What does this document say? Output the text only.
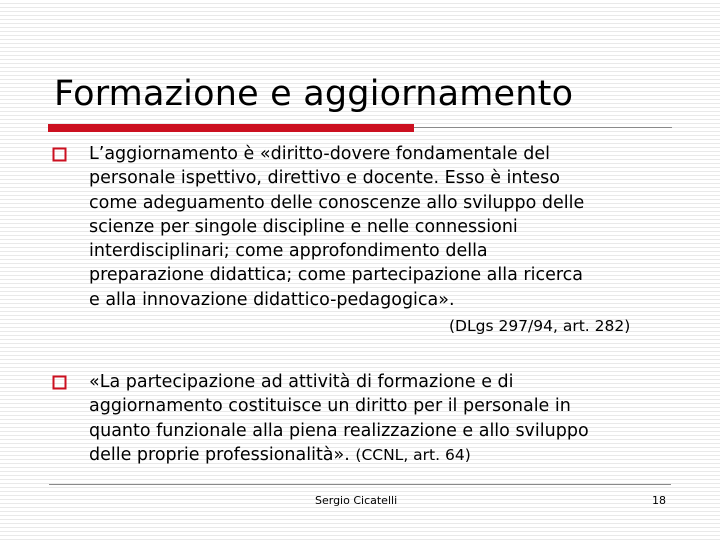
Formazione e aggiornamento
L’aggiornamento è «diritto-dovere fondamentale del
personale ispettivo, direttivo e docente. Esso è inteso
come adeguamento delle conoscenze allo sviluppo delle
scienze per singole discipline e nelle connessioni
interdisciplinari; come approfondimento della
preparazione didattica; come partecipazione alla ricerca
e alla innovazione didattico-pedagogica».
(DLgs 297/94, art. 282)
«La partecipazione ad attività di formazione e di
aggiornamento costituisce un diritto per il personale in
quanto funzionale alla piena realizzazione e allo sviluppo
delle proprie professionalità». (CCNL, art. 64)
Sergio Cicatelli	18
